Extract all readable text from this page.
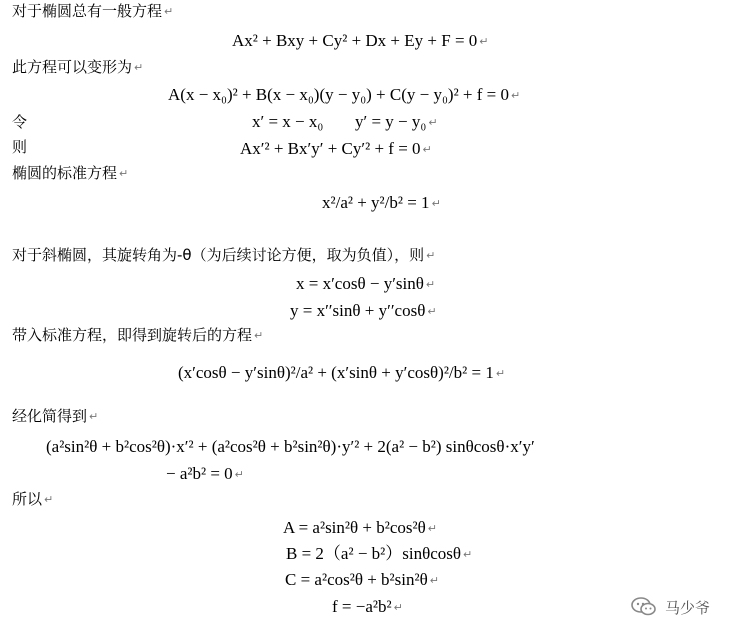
对于椭圆总有一般方程 ↵
此方程可以变形为 ↵
令
则
椭圆的标准方程 ↵
对于斜椭圆，其旋转角为-θ（为后续讨论方便，取为负值），则 ↵
带入标准方程，即得到旋转后的方程 ↵
经化简得到 ↵
所以 ↵
Ax² + Bxy + Cy² + Dx + Ey + F = 0 ↵
A(x − x₀)² + B(x − x₀)(y − y₀) + C(y − y₀)² + f = 0 ↵
x′ = x − x₀ y′ = y − y₀ ↵
Ax′² + Bx′y′ + Cy′² + f = 0 ↵
x²/a² + y²/b² = 1 ↵
x = x′cosθ − y′sinθ ↵
y = x′′sinθ + y′′cosθ ↵
(x′cosθ − y′sinθ)²/a² + (x′sinθ + y′cosθ)²/b² = 1 ↵
(a²sin²θ + b²cos²θ)·x′² + (a²cos²θ + b²sin²θ)·y′² + 2(a² − b²) sinθcosθ·x′y′
− a²b² = 0 ↵
A = a²sin²θ + b²cos²θ ↵
B = 2（a² − b²）sinθcosθ ↵
C = a²cos²θ + b²sin²θ ↵
f = −a²b² ↵	马少爷
